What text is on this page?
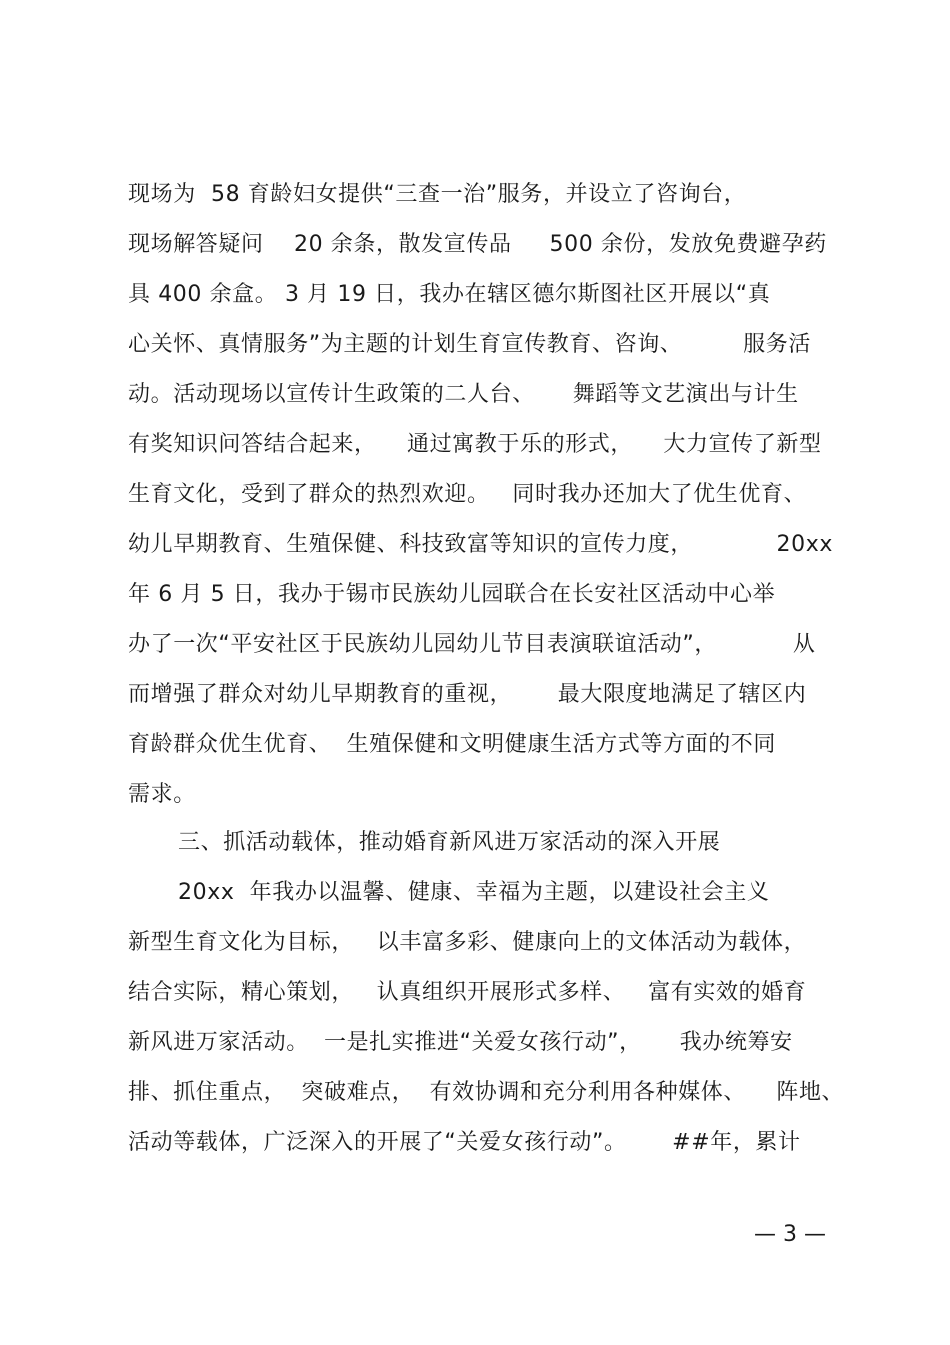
现场为  58 育龄妇女提供“三查一治”服务，并设立了咨询台，
现场解答疑问    20 余条，散发宣传品     500 余份，发放免费避孕药
具 400 余盒。 3 月 19 日，我办在辖区德尔斯图社区开展以“真
心关怀、真情服务”为主题的计划生育宣传教育、咨询、        服务活
动。活动现场以宣传计生政策的二人台、     舞蹈等文艺演出与计生
有奖知识问答结合起来，    通过寓教于乐的形式，    大力宣传了新型
生育文化，受到了群众的热烈欢迎。   同时我办还加大了优生优育、
幼儿早期教育、生殖保健、科技致富等知识的宣传力度，           20xx
年 6 月 5 日，我办于锡市民族幼儿园联合在长安社区活动中心举
办了一次“平安社区于民族幼儿园幼儿节目表演联谊活动”，          从
而增强了群众对幼儿早期教育的重视，      最大限度地满足了辖区内
育龄群众优生优育、  生殖保健和文明健康生活方式等方面的不同
需求。
三、抓活动载体，推动婚育新风进万家活动的深入开展
20xx  年我办以温馨、健康、幸福为主题，以建设社会主义
新型生育文化为目标，   以丰富多彩、健康向上的文体活动为载体，
结合实际，精心策划，   认真组织开展形式多样、   富有实效的婚育
新风进万家活动。  一是扎实推进“关爱女孩行动”，     我办统筹安
排、抓住重点，  突破难点，  有效协调和充分利用各种媒体、    阵地、
活动等载体，广泛深入的开展了“关爱女孩行动”。      ##年，累计
— 3 —
